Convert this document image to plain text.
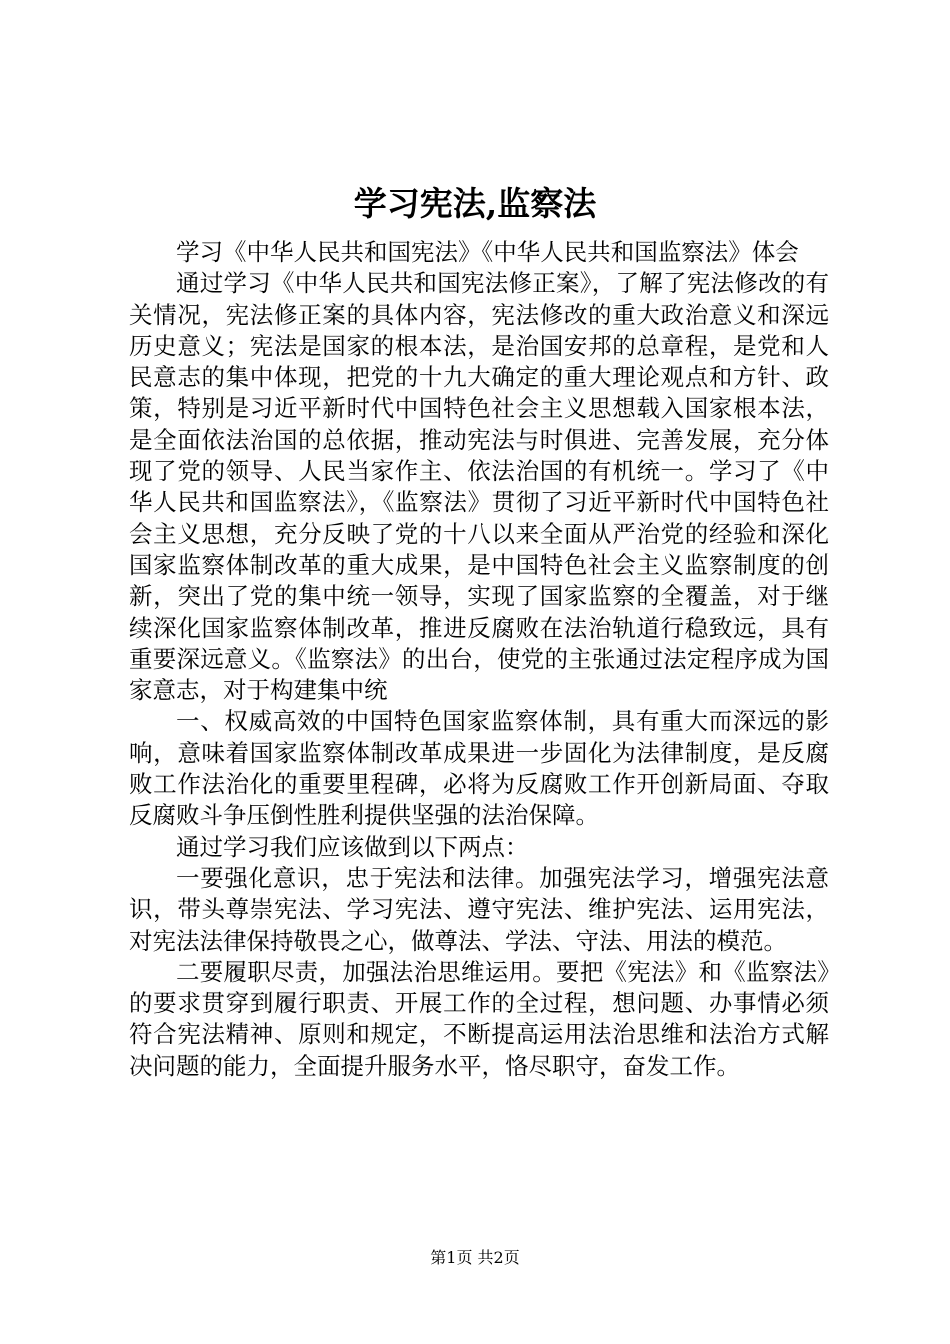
学习宪法,监察法

学习《中华人民共和国宪法》《中华人民共和国监察法》体会

通过学习《中华人民共和国宪法修正案》，了解了宪法修改的有关情况，宪法修正案的具体内容，宪法修改的重大政治意义和深远历史意义；宪法是国家的根本法，是治国安邦的总章程，是党和人民意志的集中体现，把党的十九大确定的重大理论观点和方针、政策，特别是习近平新时代中国特色社会主义思想载入国家根本法，是全面依法治国的总依据，推动宪法与时俱进、完善发展，充分体现了党的领导、人民当家作主、依法治国的有机统一。学习了《中华人民共和国监察法》，《监察法》贯彻了习近平新时代中国特色社会主义思想，充分反映了党的十八以来全面从严治党的经验和深化国家监察体制改革的重大成果，是中国特色社会主义监察制度的创新，突出了党的集中统一领导，实现了国家监察的全覆盖，对于继续深化国家监察体制改革，推进反腐败在法治轨道行稳致远，具有重要深远意义。《监察法》的出台，使党的主张通过法定程序成为国家意志，对于构建集中统

一、权威高效的中国特色国家监察体制，具有重大而深远的影响，意味着国家监察体制改革成果进一步固化为法律制度，是反腐败工作法治化的重要里程碑，必将为反腐败工作开创新局面、夺取反腐败斗争压倒性胜利提供坚强的法治保障。

通过学习我们应该做到以下两点：

一要强化意识，忠于宪法和法律。加强宪法学习，增强宪法意识，带头尊崇宪法、学习宪法、遵守宪法、维护宪法、运用宪法，对宪法法律保持敬畏之心，做尊法、学法、守法、用法的模范。

二要履职尽责，加强法治思维运用。要把《宪法》和《监察法》的要求贯穿到履行职责、开展工作的全过程，想问题、办事情必须符合宪法精神、原则和规定，不断提高运用法治思维和法治方式解决问题的能力，全面提升服务水平，恪尽职守，奋发工作。

第1页 共2页
